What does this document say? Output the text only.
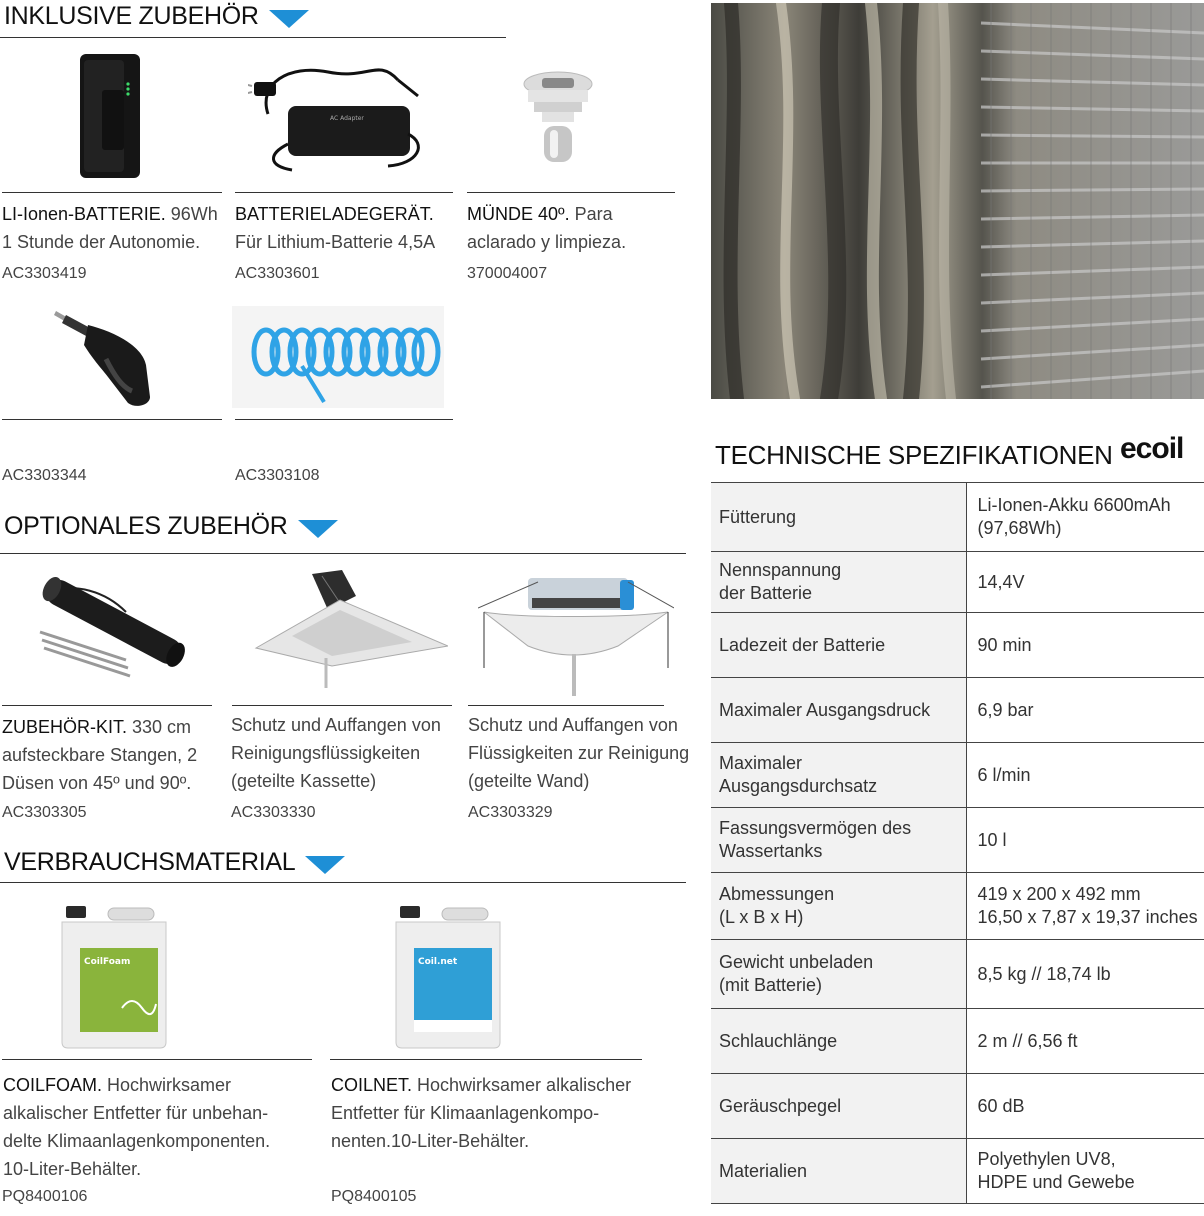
INKLUSIVE ZUBEHÖR
AC Adapter
LI-Ionen-BATTERIE. 96Wh
1 Stunde der Autonomie.
AC3303419
BATTERIELADEGERÄT.
Für Lithium-Batterie 4,5A
AC3303601
MÜNDE 40º. Para
aclarado y limpieza.
370004007
AC3303344	AC3303108
OPTIONALES ZUBEHÖR
ZUBEHÖR-KIT. 330 cm
aufsteckbare Stangen, 2
Düsen von 45º und 90º.
AC3303305
Schutz und Auffangen von
Reinigungsflüssigkeiten
(geteilte Kassette)
AC3303330
Schutz und Auffangen von
Flüssigkeiten zur Reinigung
(geteilte Wand)
AC3303329
VERBRAUCHSMATERIAL
CoilFoam	Coil.net
COILFOAM. Hochwirksamer
alkalischer Entfetter für unbehan-
delte Klimaanlagenkomponenten.
10-Liter-Behälter.
PQ8400106
COILNET. Hochwirksamer alkalischer
Entfetter für Klimaanlagenkompo-
nenten.10-Liter-Behälter.
PQ8400105
TECHNISCHE SPEZIFIKATIONEN ecoil
Fütterung	Li-Ionen-Akku 6600mAh
(97,68Wh)
Nennspannung
der Batterie	14,4V
Ladezeit der Batterie	90 min
Maximaler Ausgangsdruck	6,9 bar
Maximaler
Ausgangsdurchsatz	6 l/min
Fassungsvermögen des
Wassertanks	10 l
Abmessungen
(L x B x H)	419 x 200 x 492 mm
16,50 x 7,87 x 19,37 inches
Gewicht unbeladen
(mit Batterie)	8,5 kg // 18,74 lb
Schlauchlänge	2 m // 6,56 ft
Geräuschpegel	60 dB
Materialien	Polyethylen UV8,
HDPE und Gewebe
